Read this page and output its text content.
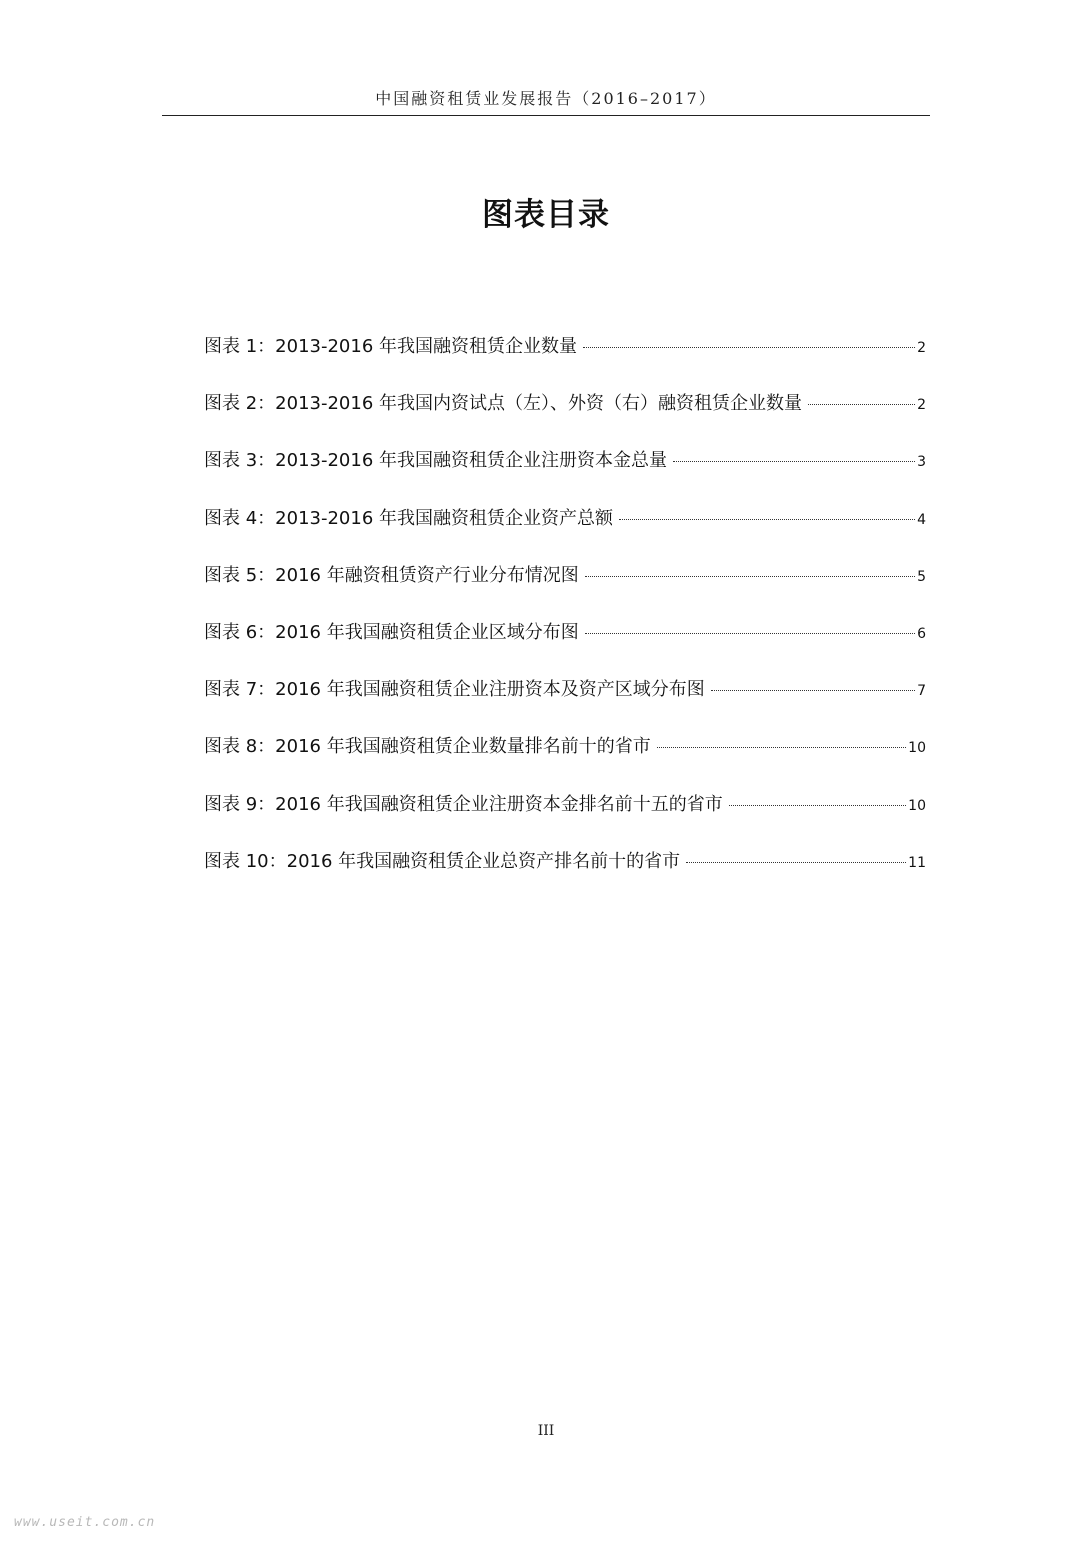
中国融资租赁业发展报告（2016–2017）
图表目录
图表 1：2013-2016 年我国融资租赁企业数量	2
图表 2：2013-2016 年我国内资试点（左）、外资（右）融资租赁企业数量	2
图表 3：2013-2016 年我国融资租赁企业注册资本金总量	3
图表 4：2013-2016 年我国融资租赁企业资产总额	4
图表 5：2016 年融资租赁资产行业分布情况图	5
图表 6：2016 年我国融资租赁企业区域分布图	6
图表 7：2016 年我国融资租赁企业注册资本及资产区域分布图	7
图表 8：2016 年我国融资租赁企业数量排名前十的省市	10
图表 9：2016 年我国融资租赁企业注册资本金排名前十五的省市	10
图表 10：2016 年我国融资租赁企业总资产排名前十的省市	11
III
www.useit.com.cn
